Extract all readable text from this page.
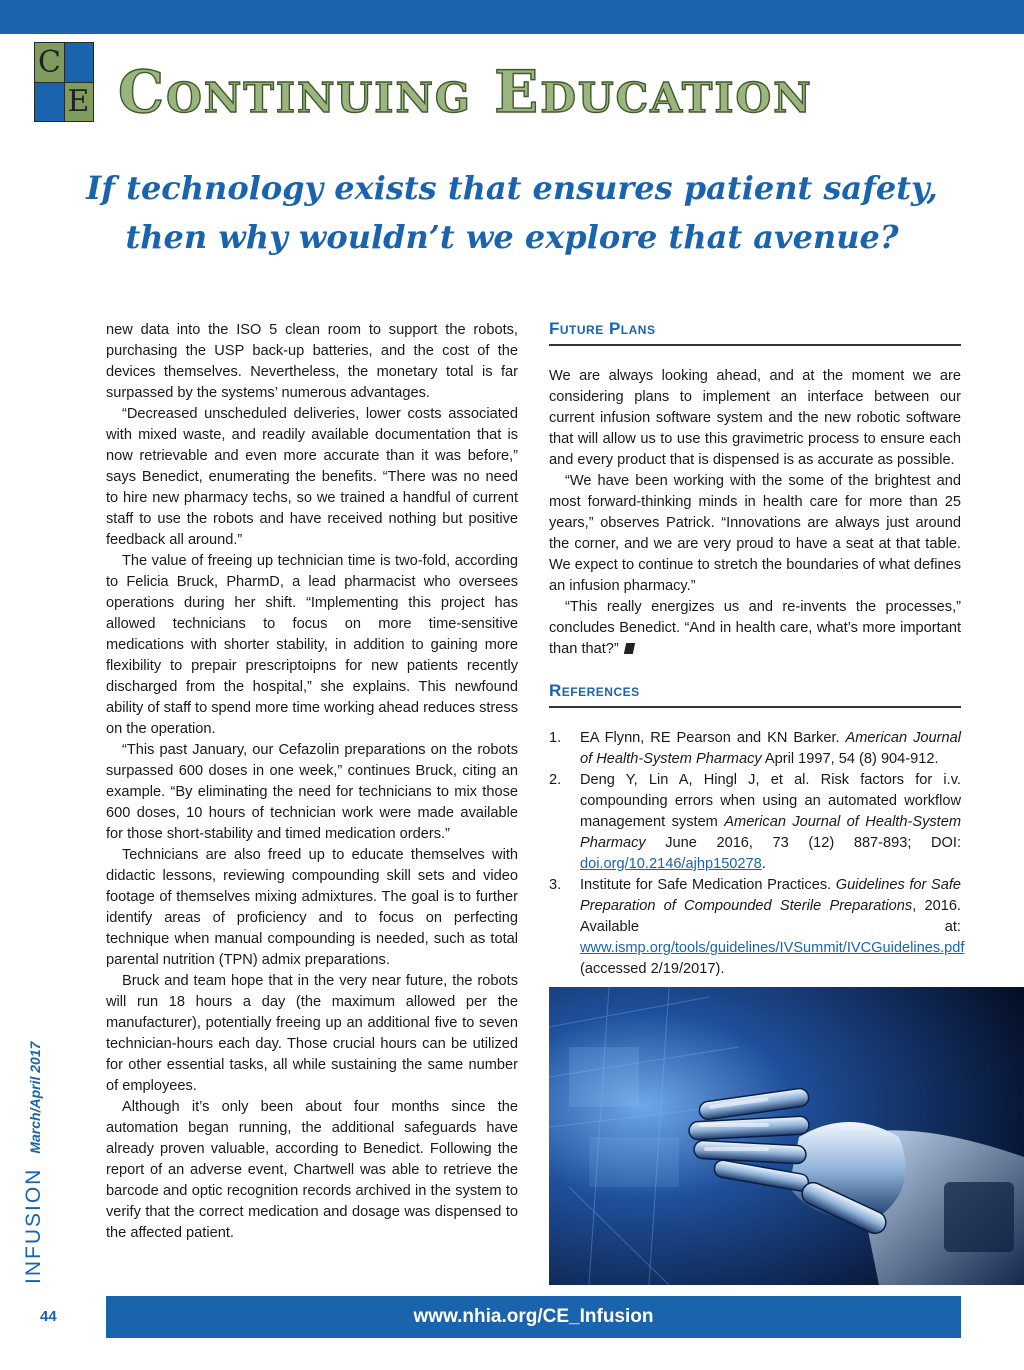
C
E Continuing Education
If technology exists that ensures patient safety,
then why wouldn’t we explore that avenue?

new data into the ISO 5 clean room to support the robots, purchasing the USP back-up batteries, and the cost of the devices themselves. Nevertheless, the monetary total is far surpassed by the systems’ numerous advantages.

“Decreased unscheduled deliveries, lower costs associated with mixed waste, and readily available documentation that is now retrievable and even more accurate than it was before,” says Benedict, enumerating the benefits. “There was no need to hire new pharmacy techs, so we trained a handful of current staff to use the robots and have received nothing but positive feedback all around.”

The value of freeing up technician time is two-fold, according to Felicia Bruck, PharmD, a lead pharmacist who oversees operations during her shift. “Implementing this project has allowed technicians to focus on more time-sensitive medications with shorter stability, in addition to gaining more flexibility to prepair prescriptoipns for new patients recently discharged from the hospital,” she explains. This newfound ability of staff to spend more time working ahead reduces stress on the operation.

“This past January, our Cefazolin preparations on the robots surpassed 600 doses in one week,” continues Bruck, citing an example. “By eliminating the need for technicians to mix those 600 doses, 10 hours of technician work were made available for those short-stability and timed medication orders.”

Technicians are also freed up to educate themselves with didactic lessons, reviewing compounding skill sets and video footage of themselves mixing admixtures. The goal is to further identify areas of proficiency and to focus on perfecting technique when manual compounding is needed, such as total parental nutrition (TPN) admix preparations.

Bruck and team hope that in the very near future, the robots will run 18 hours a day (the maximum allowed per the manufacturer), potentially freeing up an additional five to seven technician-hours each day. Those crucial hours can be utilized for other essential tasks, all while sustaining the same number of employees.

Although it’s only been about four months since the automation began running, the additional safeguards have already proven valuable, according to Benedict. Following the report of an adverse event, Chartwell was able to retrieve the barcode and optic recognition records archived in the system to verify that the correct medication and dosage was dispensed to the affected patient.

Future Plans

We are always looking ahead, and at the moment we are considering plans to implement an interface between our current infusion software system and the new robotic software that will allow us to use this gravimetric process to ensure each and every product that is dispensed is as accurate as possible.

“We have been working with the some of the brightest and most forward-thinking minds in health care for more than 25 years,” observes Patrick. “Innovations are always just around the corner, and we are very proud to have a seat at that table. We expect to continue to stretch the boundaries of what defines an infusion pharmacy.”

“This really energizes us and re-invents the processes,” concludes Benedict. “And in health care, what’s more important than that?”

References
1. EA Flynn, RE Pearson and KN Barker. American Journal of Health-System Pharmacy April 1997, 54 (8) 904-912.
2. Deng Y, Lin A, Hingl J, et al. Risk factors for i.v. compounding errors when using an automated workflow management system American Journal of Health-System Pharmacy June 2016, 73 (12) 887-893; DOI: doi.org/10.2146/ajhp150278.
3. Institute for Safe Medication Practices. Guidelines for Safe Preparation of Compounded Sterile Preparations, 2016. Available at: www.ismp.org/tools/guidelines/IVSummit/IVCGuidelines.pdf (accessed 2/19/2017).
INFUSIONMarch/April 2017
44	www.nhia.org/CE_Infusion
